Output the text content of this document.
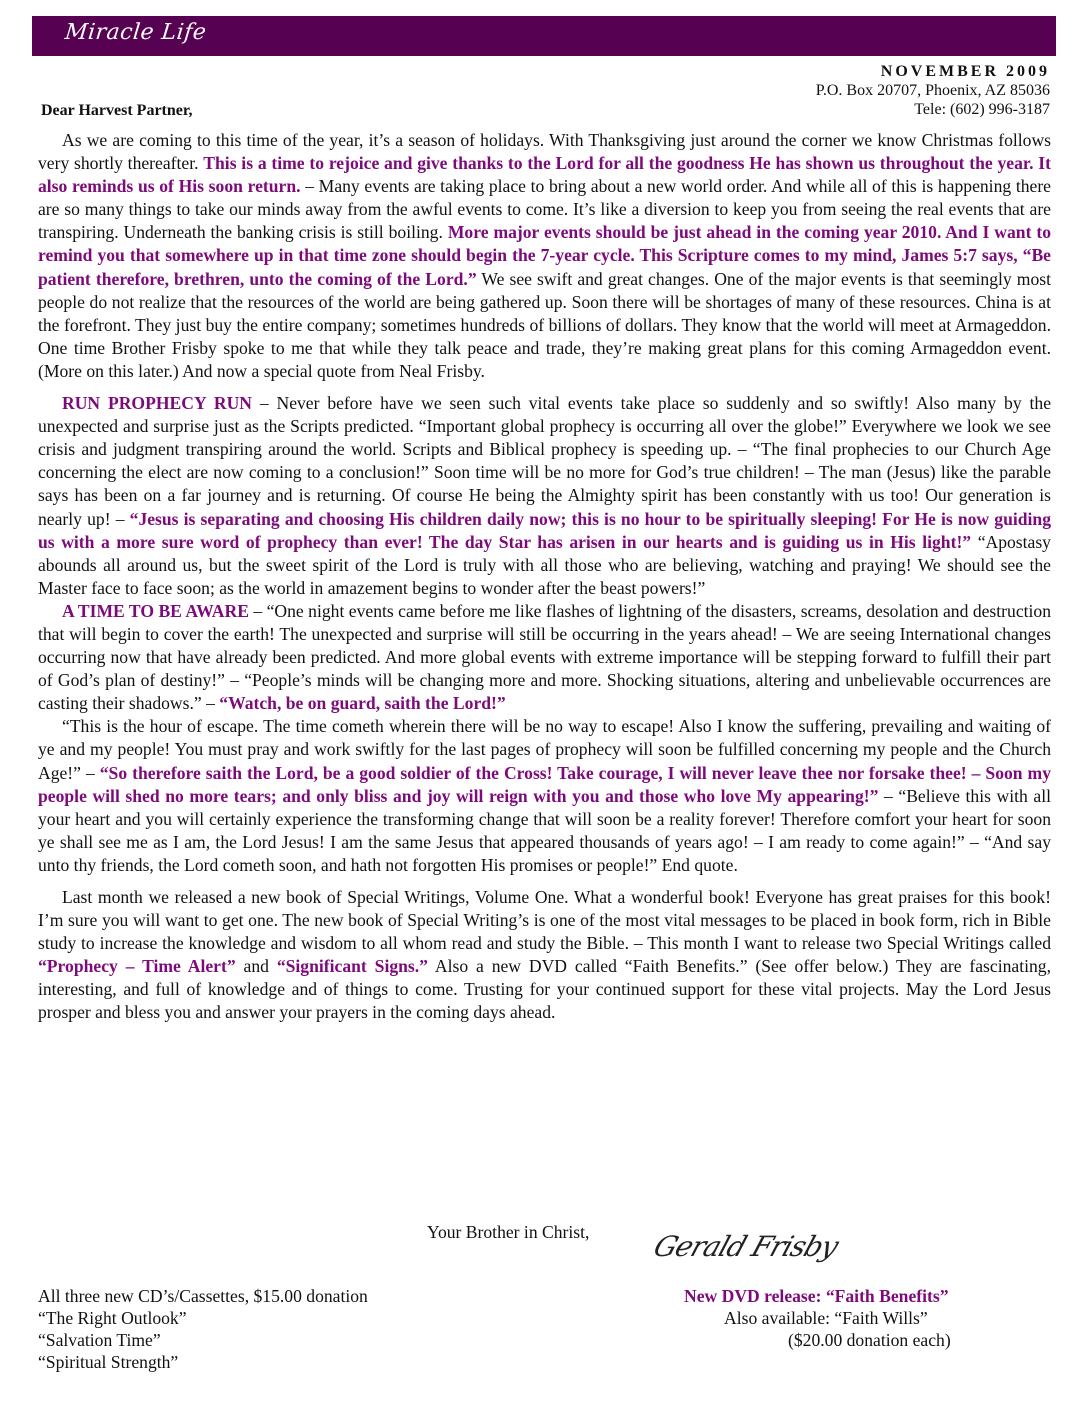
Miracle Life
NOVEMBER 2009
P.O. Box 20707, Phoenix, AZ 85036
Tele: (602) 996-3187
Dear Harvest Partner,

As we are coming to this time of the year, it’s a season of holidays. With Thanksgiving just around the corner we know Christmas follows very shortly thereafter. This is a time to rejoice and give thanks to the Lord for all the goodness He has shown us throughout the year. It also reminds us of His soon return. – Many events are taking place to bring about a new world order. And while all of this is happening there are so many things to take our minds away from the awful events to come. It’s like a diversion to keep you from seeing the real events that are transpiring. Underneath the banking crisis is still boiling. More major events should be just ahead in the coming year 2010. And I want to remind you that somewhere up in that time zone should begin the 7-year cycle. This Scripture comes to my mind, James 5:7 says, “Be patient therefore, brethren, unto the coming of the Lord.” We see swift and great changes. One of the major events is that seemingly most people do not realize that the resources of the world are being gathered up. Soon there will be shortages of many of these resources. China is at the forefront. They just buy the entire company; sometimes hundreds of billions of dollars. They know that the world will meet at Armageddon. One time Brother Frisby spoke to me that while they talk peace and trade, they’re making great plans for this coming Armageddon event. (More on this later.) And now a special quote from Neal Frisby.

RUN PROPHECY RUN – Never before have we seen such vital events take place so suddenly and so swiftly! Also many by the unexpected and surprise just as the Scripts predicted. “Important global prophecy is occurring all over the globe!” Everywhere we look we see crisis and judgment transpiring around the world. Scripts and Biblical prophecy is speeding up. – “The final prophecies to our Church Age concerning the elect are now coming to a conclusion!” Soon time will be no more for God’s true children! – The man (Jesus) like the parable says has been on a far journey and is returning. Of course He being the Almighty spirit has been constantly with us too! Our generation is nearly up! – “Jesus is separating and choosing His children daily now; this is no hour to be spiritually sleeping! For He is now guiding us with a more sure word of prophecy than ever! The day Star has arisen in our hearts and is guiding us in His light!” “Apostasy abounds all around us, but the sweet spirit of the Lord is truly with all those who are believing, watching and praying! We should see the Master face to face soon; as the world in amazement begins to wonder after the beast powers!”

A TIME TO BE AWARE – “One night events came before me like flashes of lightning of the disasters, screams, desolation and destruction that will begin to cover the earth! The unexpected and surprise will still be occurring in the years ahead! – We are seeing International changes occurring now that have already been predicted. And more global events with extreme importance will be stepping forward to fulfill their part of God’s plan of destiny!” – “People’s minds will be changing more and more. Shocking situations, altering and unbelievable occurrences are casting their shadows.” – “Watch, be on guard, saith the Lord!”

“This is the hour of escape. The time cometh wherein there will be no way to escape! Also I know the suffering, prevailing and waiting of ye and my people! You must pray and work swiftly for the last pages of prophecy will soon be fulfilled concerning my people and the Church Age!” – “So therefore saith the Lord, be a good soldier of the Cross! Take courage, I will never leave thee nor forsake thee! – Soon my people will shed no more tears; and only bliss and joy will reign with you and those who love My appearing!” – “Believe this with all your heart and you will certainly experience the transforming change that will soon be a reality forever! Therefore comfort your heart for soon ye shall see me as I am, the Lord Jesus! I am the same Jesus that appeared thousands of years ago! – I am ready to come again!” – “And say unto thy friends, the Lord cometh soon, and hath not forgotten His promises or people!” End quote.

Last month we released a new book of Special Writings, Volume One. What a wonderful book! Everyone has great praises for this book! I’m sure you will want to get one. The new book of Special Writing’s is one of the most vital messages to be placed in book form, rich in Bible study to increase the knowledge and wisdom to all whom read and study the Bible. – This month I want to release two Special Writings called “Prophecy – Time Alert” and “Significant Signs.” Also a new DVD called “Faith Benefits.” (See offer below.) They are fascinating, interesting, and full of knowledge and of things to come. Trusting for your continued support for these vital projects. May the Lord Jesus prosper and bless you and answer your prayers in the coming days ahead.

Your Brother in Christ, Gerald Frisby
All three new CD’s/Cassettes, $15.00 donation
“The Right Outlook”
“Salvation Time”
“Spiritual Strength”
New DVD release: “Faith Benefits”
Also available: “Faith Wills”
($20.00 donation each)
